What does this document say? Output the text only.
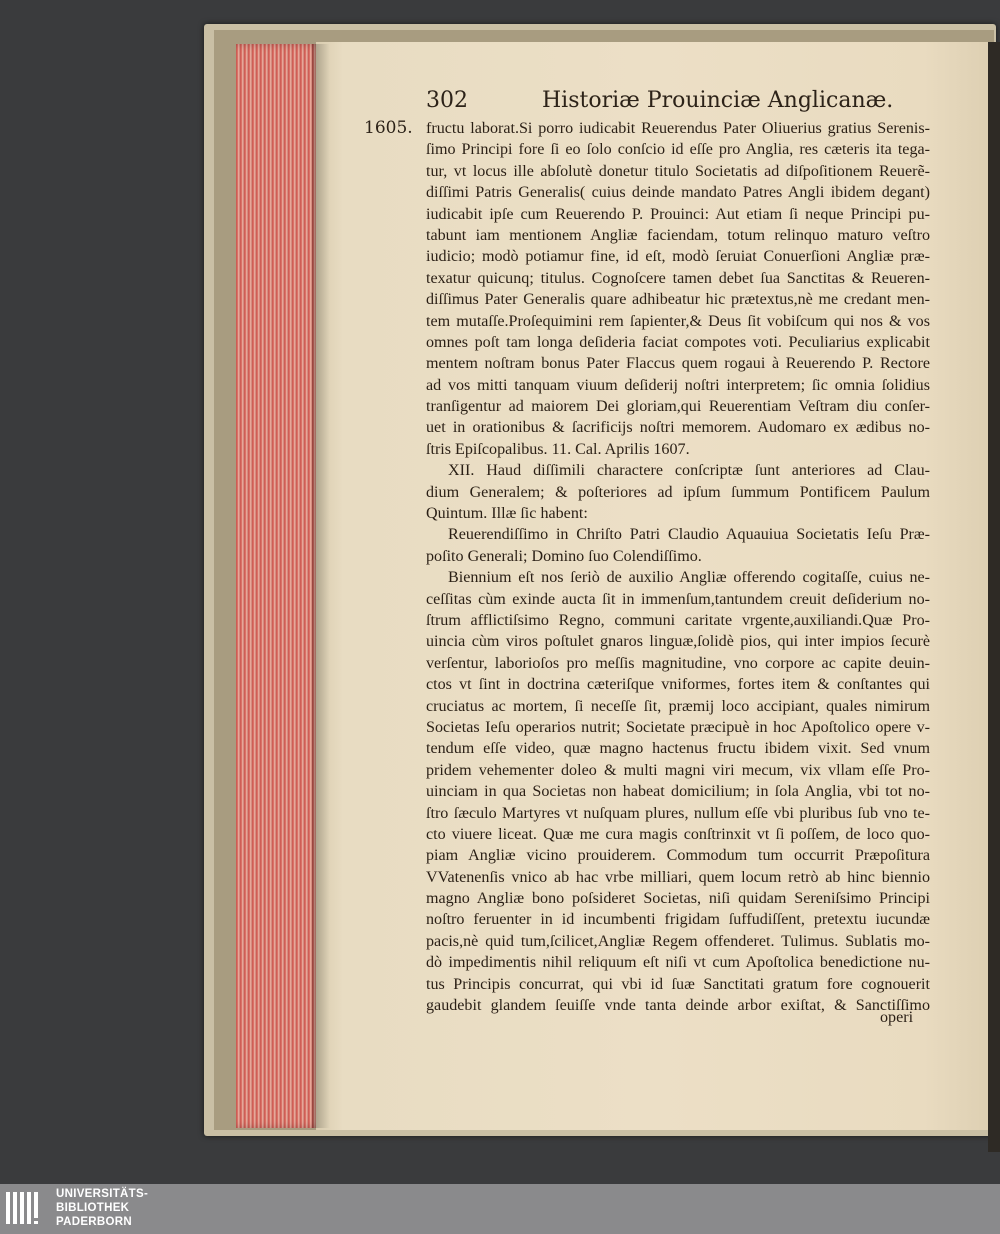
302	Historiæ Prouinciæ Anglicanæ.
1605. fructu laborat.Si porro iudicabit Reuerendus Pater Oliuerius gratius Serenis-
ſimo Principi fore ſi eo ſolo conſcio id eſſe pro Anglia, res cæteris ita tega-
tur, vt locus ille abſolutè donetur titulo Societatis ad diſpoſitionem Reuerẽ-
diſſimi Patris Generalis( cuius deinde mandato Patres Angli ibidem degant)
iudicabit ipſe cum Reuerendo P. Prouinci: Aut etiam ſi neque Principi pu-
tabunt iam mentionem Angliæ faciendam, totum relinquo maturo veſtro
iudicio; modò potiamur fine, id eſt, modò ſeruiat Conuerſioni Angliæ præ-
texatur quicunq; titulus. Cognoſcere tamen debet ſua Sanctitas & Reueren-
diſſimus Pater Generalis quare adhibeatur hic prætextus,nè me credant men-
tem mutaſſe.Proſequimini rem ſapienter,& Deus ſit vobiſcum qui nos & vos
omnes poſt tam longa deſideria faciat compotes voti. Peculiarius explicabit
mentem noſtram bonus Pater Flaccus quem rogaui à Reuerendo P. Rectore
ad vos mitti tanquam viuum deſiderij noſtri interpretem; ſic omnia ſolidius
tranſigentur ad maiorem Dei gloriam,qui Reuerentiam Veſtram diu conſer-
uet in orationibus & ſacrificijs noſtri memorem. Audomaro ex ædibus no-
ſtris Epiſcopalibus. 11. Cal. Aprilis 1607.
XII. Haud diſſimili charactere conſcriptæ ſunt anteriores ad Clau-
dium Generalem; & poſteriores ad ipſum ſummum Pontificem Paulum
Quintum. Illæ ſic habent:
Reuerendiſſimo in Chriſto Patri Claudio Aquauiua Societatis Ieſu Præ-
poſito Generali; Domino ſuo Colendiſſimo.
Biennium eſt nos ſeriò de auxilio Angliæ offerendo cogitaſſe, cuius ne-
ceſſitas cùm exinde aucta ſit in immenſum,tantundem creuit deſiderium no-
ſtrum afflictiſsimo Regno, communi caritate vrgente,auxiliandi.Quæ Pro-
uincia cùm viros poſtulet gnaros linguæ,ſolidè pios, qui inter impios ſecurè
verſentur, laborioſos pro meſſis magnitudine, vno corpore ac capite deuin-
ctos vt ſint in doctrina cæteriſque vniformes, fortes item & conſtantes qui
cruciatus ac mortem, ſi neceſſe ſit, præmij loco accipiant, quales nimirum
Societas Ieſu operarios nutrit; Societate præcipuè in hoc Apoſtolico opere v-
tendum eſſe video, quæ magno hactenus fructu ibidem vixit. Sed vnum
pridem vehementer doleo & multi magni viri mecum, vix vllam eſſe Pro-
uinciam in qua Societas non habeat domicilium; in ſola Anglia, vbi tot no-
ſtro ſæculo Martyres vt nuſquam plures, nullum eſſe vbi pluribus ſub vno te-
cto viuere liceat. Quæ me cura magis conſtrinxit vt ſi poſſem, de loco quo-
piam Angliæ vicino prouiderem. Commodum tum occurrit Præpoſitura
VVatenenſis vnico ab hac vrbe milliari, quem locum retrò ab hinc biennio
magno Angliæ bono poſsideret Societas, niſi quidam Sereniſsimo Principi
noſtro feruenter in id incumbenti frigidam ſuffudiſſent, pretextu iucundæ
pacis,nè quid tum,ſcilicet,Angliæ Regem offenderet. Tulimus. Sublatis mo-
dò impedimentis nihil reliquum eſt niſi vt cum Apoſtolica benedictione nu-
tus Principis concurrat, qui vbi id ſuæ Sanctitati gratum fore cognouerit
gaudebit glandem ſeuiſſe vnde tanta deinde arbor exiſtat, & Sanctiſſimo
operi
UNIVERSITÄTS-
BIBLIOTHEK
PADERBORN
